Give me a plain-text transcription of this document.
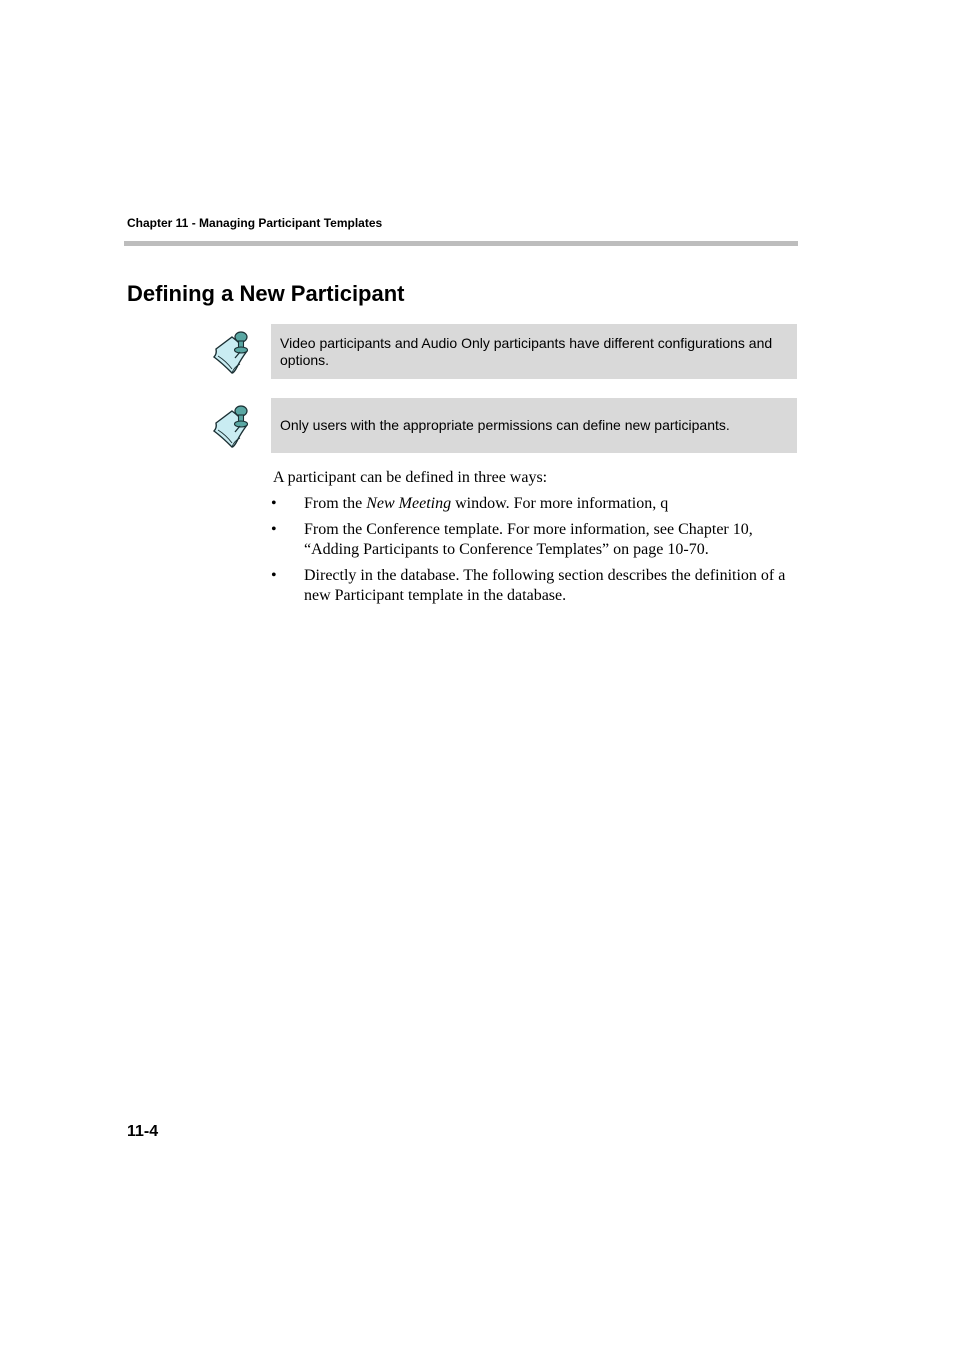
Chapter 11 - Managing Participant Templates
Defining a New Participant
Video participants and Audio Only participants have different configurations and options.
Only users with the appropriate permissions can define new participants.
A participant can be defined in three ways:
• From the New Meeting window. For more information, q
• From the Conference template. For more information, see Chapter 10, “Adding Participants to Conference Templates” on page 10-70.
• Directly in the database. The following section describes the definition of a new Participant template in the database.
11-4
